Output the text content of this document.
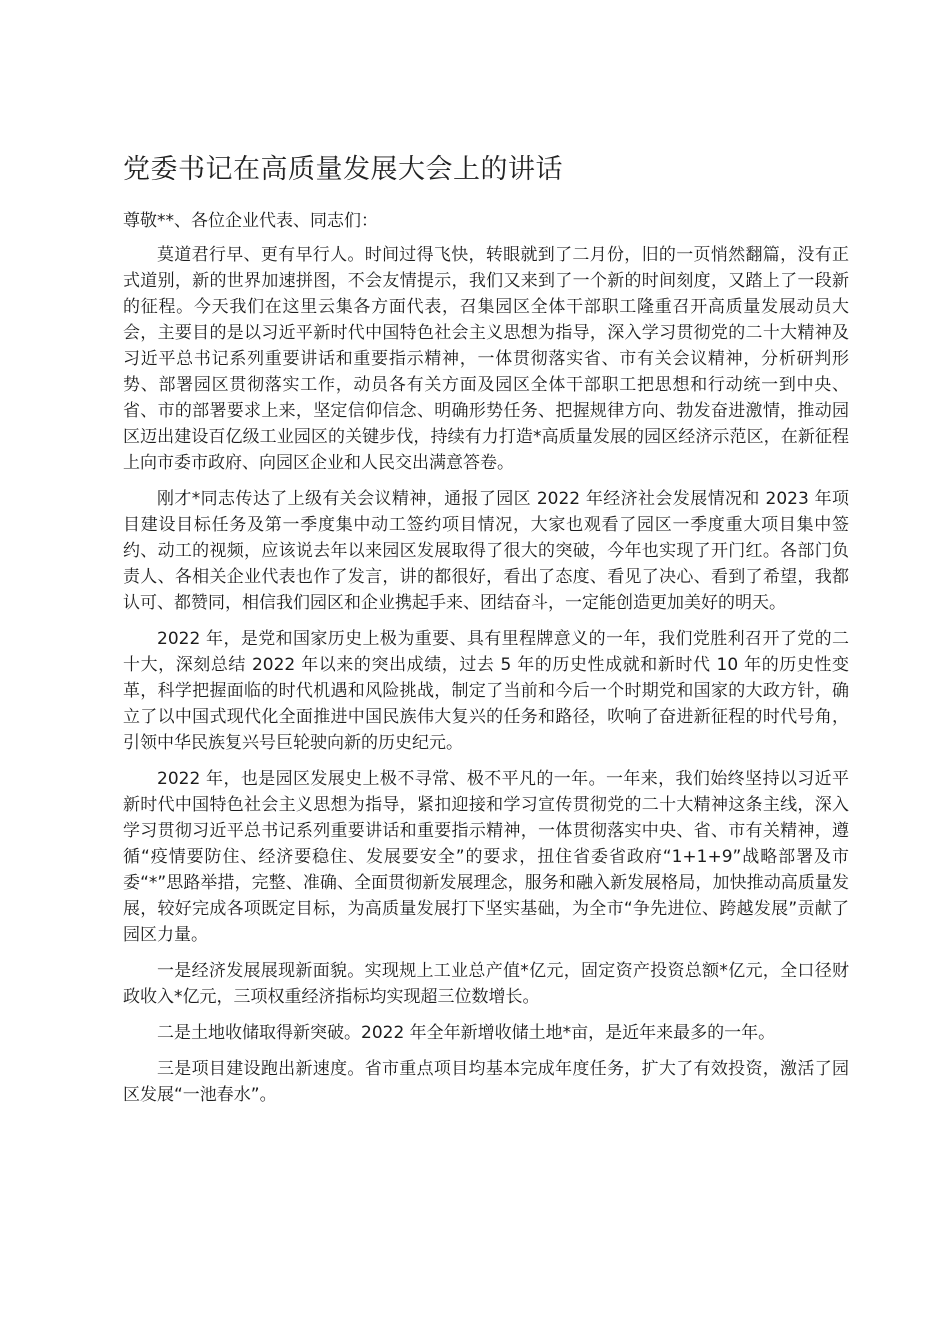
党委书记在高质量发展大会上的讲话

尊敬**、各位企业代表、同志们：

莫道君行早、更有早行人。时间过得飞快，转眼就到了二月份，旧的一页悄然翻篇，没有正式道别，新的世界加速拼图，不会友情提示，我们又来到了一个新的时间刻度，又踏上了一段新的征程。今天我们在这里云集各方面代表，召集园区全体干部职工隆重召开高质量发展动员大会，主要目的是以习近平新时代中国特色社会主义思想为指导，深入学习贯彻党的二十大精神及习近平总书记系列重要讲话和重要指示精神，一体贯彻落实省、市有关会议精神，分析研判形势、部署园区贯彻落实工作，动员各有关方面及园区全体干部职工把思想和行动统一到中央、省、市的部署要求上来，坚定信仰信念、明确形势任务、把握规律方向、勃发奋进激情，推动园区迈出建设百亿级工业园区的关键步伐，持续有力打造*高质量发展的园区经济示范区，在新征程上向市委市政府、向园区企业和人民交出满意答卷。

刚才*同志传达了上级有关会议精神，通报了园区 2022 年经济社会发展情况和 2023 年项目建设目标任务及第一季度集中动工签约项目情况，大家也观看了园区一季度重大项目集中签约、动工的视频，应该说去年以来园区发展取得了很大的突破，今年也实现了开门红。各部门负责人、各相关企业代表也作了发言，讲的都很好，看出了态度、看见了决心、看到了希望，我都认可、都赞同，相信我们园区和企业携起手来、团结奋斗，一定能创造更加美好的明天。

2022 年，是党和国家历史上极为重要、具有里程牌意义的一年，我们党胜利召开了党的二十大，深刻总结 2022 年以来的突出成绩，过去 5 年的历史性成就和新时代 10 年的历史性变革，科学把握面临的时代机遇和风险挑战，制定了当前和今后一个时期党和国家的大政方针，确立了以中国式现代化全面推进中国民族伟大复兴的任务和路径，吹响了奋进新征程的时代号角，引领中华民族复兴号巨轮驶向新的历史纪元。

2022 年，也是园区发展史上极不寻常、极不平凡的一年。一年来，我们始终坚持以习近平新时代中国特色社会主义思想为指导，紧扣迎接和学习宣传贯彻党的二十大精神这条主线，深入学习贯彻习近平总书记系列重要讲话和重要指示精神，一体贯彻落实中央、省、市有关精神，遵循“疫情要防住、经济要稳住、发展要安全”的要求，扭住省委省政府“1+1+9”战略部署及市委“*”思路举措，完整、准确、全面贯彻新发展理念，服务和融入新发展格局，加快推动高质量发展，较好完成各项既定目标，为高质量发展打下坚实基础，为全市“争先进位、跨越发展”贡献了园区力量。

一是经济发展展现新面貌。实现规上工业总产值*亿元，固定资产投资总额*亿元，全口径财政收入*亿元，三项权重经济指标均实现超三位数增长。

二是土地收储取得新突破。2022 年全年新增收储土地*亩，是近年来最多的一年。

三是项目建设跑出新速度。省市重点项目均基本完成年度任务，扩大了有效投资，激活了园区发展“一池春水”。
